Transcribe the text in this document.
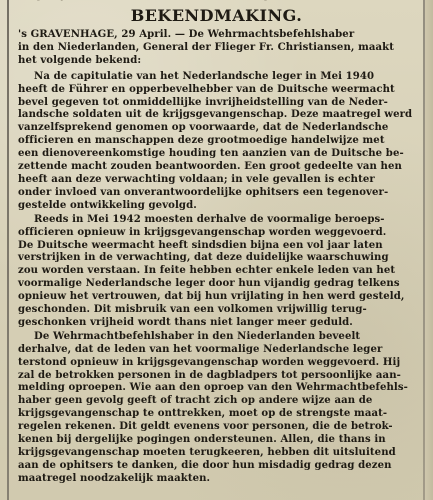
BEKENDMAKING.
's GRAVENHAGE, 29 April. — De Wehrmachtsbefehlshaber
in den Niederlanden, General der Flieger Fr. Christiansen, maakt
het volgende bekend:
Na de capitulatie van het Nederlandsche leger in Mei 1940
heeft de Führer en opperbevelhebber van de Duitsche weermacht
bevel gegeven tot onmiddellijke invrijheidstelling van de Neder-
landsche soldaten uit de krijgsgevangenschap. Deze maatregel werd
vanzelfsprekend genomen op voorwaarde, dat de Nederlandsche
officieren en manschappen deze grootmoedige handelwijze met
een dienovereenkomstige houding ten aanzien van de Duitsche be-
zettende macht zouden beantwoorden. Een groot gedeelte van hen
heeft aan deze verwachting voldaan; in vele gevallen is echter
onder invloed van onverantwoordelijke ophitsers een tegenover-
gestelde ontwikkeling gevolgd.
Reeds in Mei 1942 moesten derhalve de voormalige beroeps-
officieren opnieuw in krijgsgevangenschap worden weggevoerd.
De Duitsche weermacht heeft sindsdien bijna een vol jaar laten
verstrijken in de verwachting, dat deze duidelijke waarschuwing
zou worden verstaan. In feite hebben echter enkele leden van het
voormalige Nederlandsche leger door hun vijandig gedrag telkens
opnieuw het vertrouwen, dat bij hun vrijlating in hen werd gesteld,
geschonden. Dit misbruik van een volkomen vrijwillig terug-
geschonken vrijheid wordt thans niet langer meer geduld.
De Wehrmachtbefehlshaber in den Niederlanden beveelt
derhalve, dat de leden van het voormalige Nederlandsche leger
terstond opnieuw in krijgsgevangenschap worden weggevoerd. Hij
zal de betrokken personen in de dagbladpers tot persoonlijke aan-
melding oproepen. Wie aan den oproep van den Wehrmachtbefehls-
haber geen gevolg geeft of tracht zich op andere wijze aan de
krijgsgevangenschap te onttrekken, moet op de strengste maat-
regelen rekenen. Dit geldt evenens voor personen, die de betrok-
kenen bij dergelijke pogingen ondersteunen. Allen, die thans in
krijgsgevangenschap moeten terugkeeren, hebben dit uitsluitend
aan de ophitsers te danken, die door hun misdadig gedrag dezen
maatregel noodzakelijk maakten.
